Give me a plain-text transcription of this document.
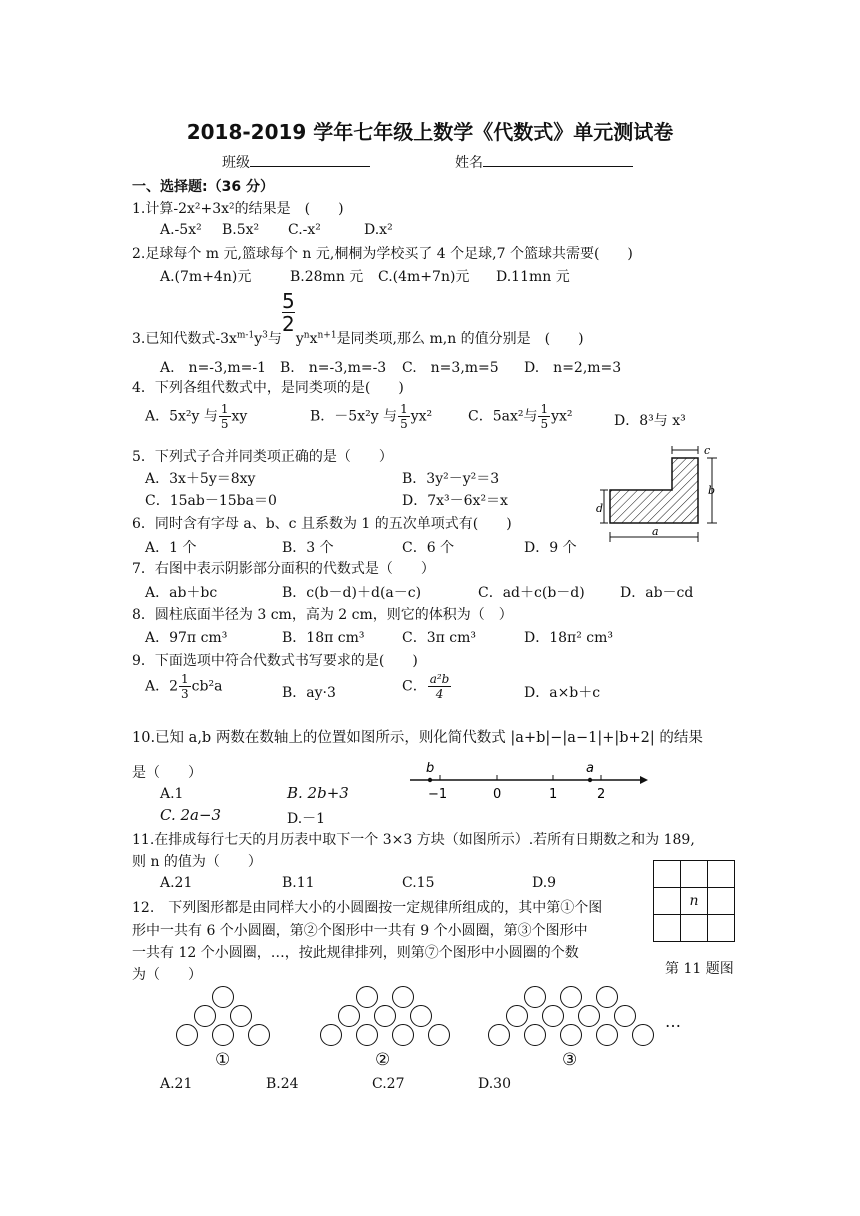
2018-2019 学年七年级上数学《代数式》单元测试卷
班级	姓名
一、选择题:（36 分）
1.计算-2x²+3x²的结果是　(　　)
A.-5x² B.5x² C.-x²	D.x²
2.足球每个 m 元,篮球每个 n 元,桐桐为学校买了 4 个足球,7 个篮球共需要(　　)
A.(7m+4n)元	B.28mn 元 C.(4m+7n)元 D.11mn 元
$\frac{5}{2}$
3.已知代数式$-3x^{m-1}y^3$与 $y^nx^{n+1}$是同类项,那么 m,n 的值分别是　(　　)
A.　n=-3,m=-1 B.　n=-3,m=-3 C.　n=3,m=5 D.　n=2,m=3
4．下列各组代数式中，是同类项的是(　　)
A．5x²y 与 $\frac{1}{5}$ xy	B．－5x²y 与 $\frac{1}{5} yx^2$	C．5ax²与 $\frac{1}{5} yx^2$	D．8³与 x³
5．下列式子合并同类项正确的是（　　）
A．3x＋5y＝8xy	B．3y²－y²＝3
C．15ab－15ba＝0	D．7x³－6x²＝x
6．同时含有字母 a、b、c 且系数为 1 的五次单项式有(　　)
A．1 个	B．3 个	C．6 个	D．9 个
c
b
d
a
7．右图中表示阴影部分面积的代数式是（　　）
A．ab＋bc	B．c(b－d)＋d(a－c)	C．ad＋c(b－d)	D．ab－cd
8．圆柱底面半径为 3 cm，高为 2 cm，则它的体积为（　）
A．97π cm³	B．18π cm³	C．3π cm³	D．18π² cm³
9．下面选项中符合代数式书写要求的是(　　)
A．$2 \frac{1}{3} cb^2a$	B．ay·3	C． $\frac{\text{a²b}}{4}$	D．a×b＋c
10.已知 a,b 两数在数轴上的位置如图所示，则化简代数式 |a+b|−|a−1|+|b+2| 的结果
是（　　）
A.1	B. 2b+3
C. 2a−3	D.－1
b	a
−1	0	1	2
11.在排成每行七天的月历表中取下一个 3×3 方块（如图所示）.若所有日期数之和为 189,
则 n 的值为（　　）
A.21	B.11	C.15	D.9

	n	

第 11 题图
12.　下列图形都是由同样大小的小圆圈按一定规律所组成的，其中第①个图
形中一共有 6 个小圆圈，第②个图形中一共有 9 个小圆圈，第③个图形中
一共有 12 个小圆圈，…，按此规律排列，则第⑦个图形中小圆圈的个数
为（　　）
①	②	③
…
A.21	B.24	C.27	D.30
